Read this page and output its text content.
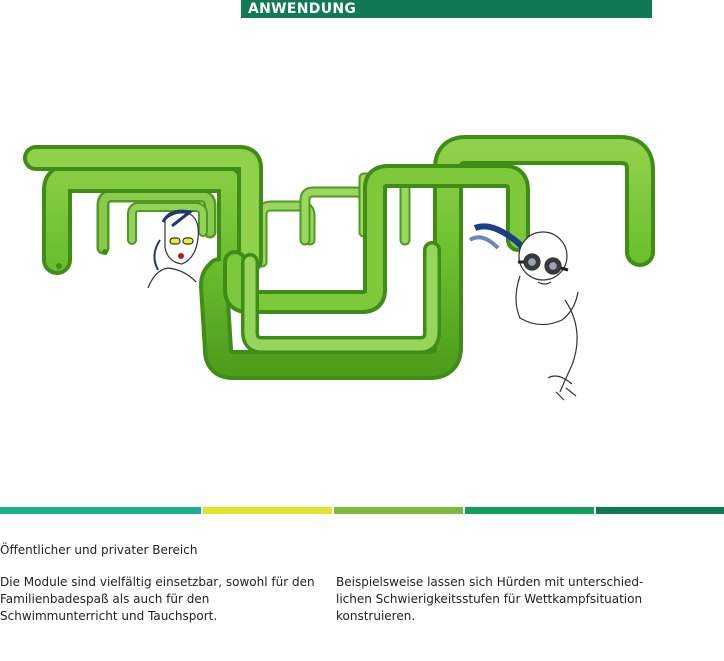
ANWENDUNG

Öffentlicher und privater Bereich

Die Module sind vielfältig einsetzbar, sowohl für den Familienbadespaß als auch für den Schwimmunterricht und Tauchsport.

Beispielsweise lassen sich Hürden mit unterschied-lichen Schwierigkeitsstufen für Wettkampfsituation konstruieren.
